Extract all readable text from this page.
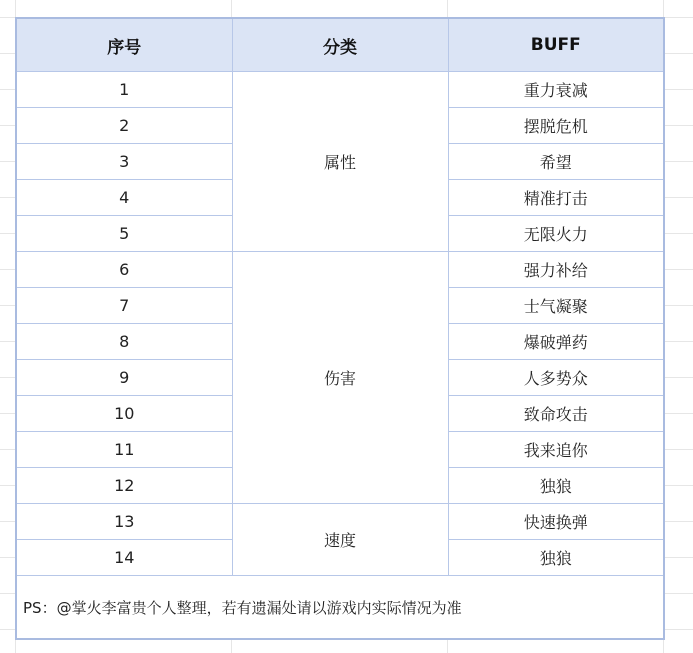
序号	分类	BUFF
1	属性	重力衰减
2		摆脱危机
3		希望
4		精准打击
5		无限火力
6	伤害	强力补给
7		士气凝聚
8		爆破弹药
9		人多势众
10		致命攻击
11		我来追你
12		独狼
13	速度	快速换弹
14		独狼
PS：@掌火李富贵个人整理，若有遗漏处请以游戏内实际情况为准		
